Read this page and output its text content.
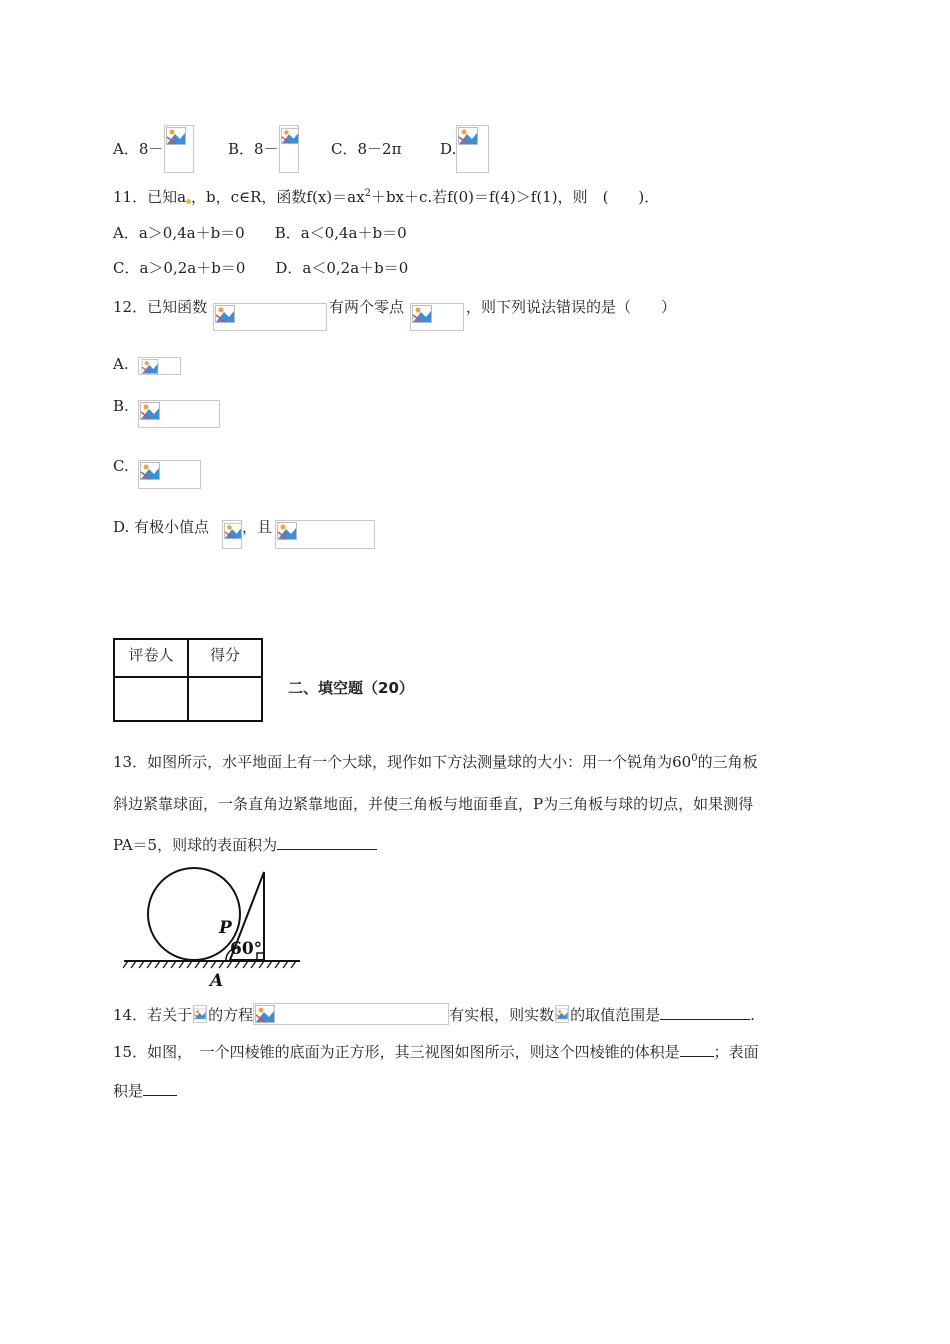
A．8－	B．8－	C．8－2π	D.
11．已知a ，b，c∈R，函数$f(x)=ax^2+bx+c$.若f(0)＝f(4)＞f(1)，则　(　　)．
A．a＞0,4a＋b＝0　　B．a＜0,4a＋b＝0
C．a＞0,2a＋b＝0　　D．a＜0,2a＋b＝0
12．已知函数	有两个零点	，则下列说法错误的是（　　）
A.
B.
C.
D. 有极小值点 ，且
评卷人	得分

二、填空题（20）
13．如图所示，水平地面上有一个大球，现作如下方法测量球的大小：用一个锐角为$60^0$的三角板
斜边紧靠球面，一条直角边紧靠地面，并使三角板与地面垂直，P为三角板与球的切点，如果测得
PA＝5，则球的表面积为
P
A
60°
14．若关于 的方程	有实根，则实数 的取值范围是	.
15．如图，　一个四棱锥的底面为正方形，其三视图如图所示，则这个四棱锥的体积是 ；表面
积是
